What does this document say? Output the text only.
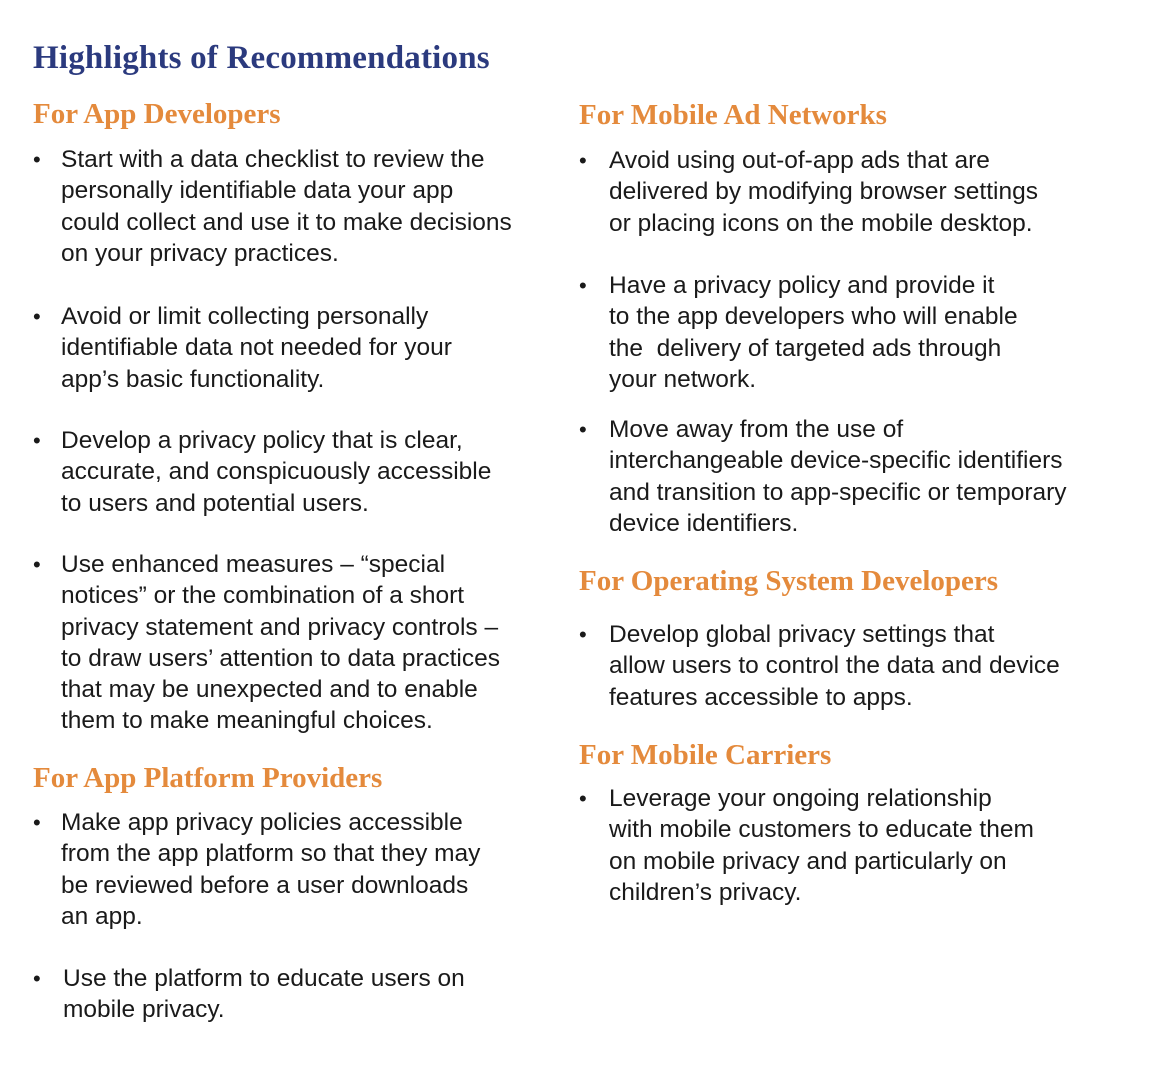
Highlights of Recommendations
For App Developers
• Start with a data checklist to review the
personally identifiable data your app
could collect and use it to make decisions
on your privacy practices.
• Avoid or limit collecting personally
identifiable data not needed for your
app’s basic functionality.
• Develop a privacy policy that is clear,
accurate, and conspicuously accessible
to users and potential users.
• Use enhanced measures – “special
notices” or the combination of a short
privacy statement and privacy controls –
to draw users’ attention to data practices
that may be unexpected and to enable
them to make meaningful choices.
For App Platform Providers
• Make app privacy policies accessible
from the app platform so that they may
be reviewed before a user downloads
an app.
• Use the platform to educate users on
mobile privacy.
For Mobile Ad Networks
• Avoid using out-of-app ads that are
delivered by modifying browser settings
or placing icons on the mobile desktop.
• Have a privacy policy and provide it
to the app developers who will enable
the  delivery of targeted ads through
your network.
• Move away from the use of
interchangeable device-specific identifiers
and transition to app-specific or temporary
device identifiers.
For Operating System Developers
• Develop global privacy settings that
allow users to control the data and device
features accessible to apps.
For Mobile Carriers
• Leverage your ongoing relationship
with mobile customers to educate them
on mobile privacy and particularly on
children’s privacy.
